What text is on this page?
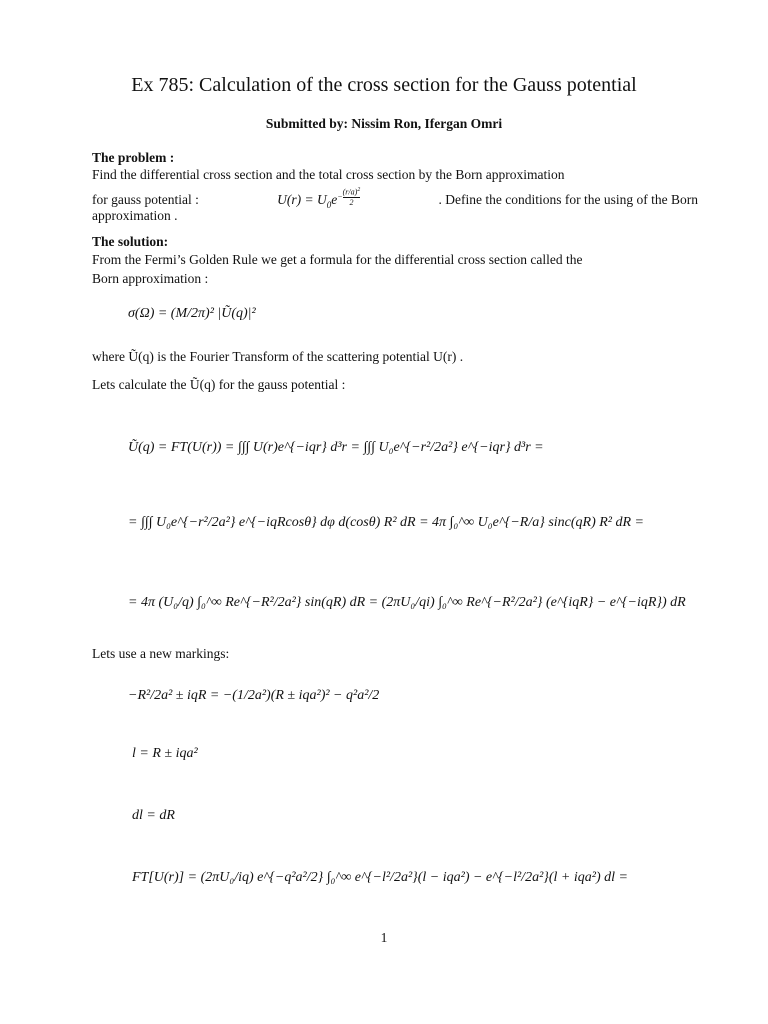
Ex 785: Calculation of the cross section for the Gauss potential
Submitted by: Nissim Ron, Ifergan Omri
The problem :
Find the differential cross section and the total cross section by the Born approximation
for gauss potential :	$U(r) = U_0e^{- \frac{(r/a)^2}{2}}$	. Define the conditions for the using of the Born
approximation .
The solution:
From the Fermi’s Golden Rule we get a formula for the differential cross section called the
Born approximation :
σ(Ω) = (M/2π)² |Ũ(q)|²
where Ũ(q) is the Fourier Transform of the scattering potential U(r) .
Lets calculate the Ũ(q) for the gauss potential :
Ũ(q) = FT(U(r)) = ∫∫∫ U(r)e^{−iqr} d³r = ∫∫∫ U₀e^{−r²/2a²} e^{−iqr} d³r =
= ∫∫∫ U₀e^{−r²/2a²} e^{−iqRcosθ} dφ d(cosθ) R² dR = 4π ∫₀^∞ U₀e^{−R/a} sinc(qR) R² dR =
= 4π (U₀/q) ∫₀^∞ Re^{−R²/2a²} sin(qR) dR = (2πU₀/qi) ∫₀^∞ Re^{−R²/2a²} (e^{iqR} − e^{−iqR}) dR
Lets use a new markings:
−R²/2a² ± iqR = −(1/2a²)(R ± iqa²)² − q²a²/2
l = R ± iqa²
dl = dR
FT[U(r)] = (2πU₀/iq) e^{−q²a²/2} ∫₀^∞ e^{−l²/2a²}(l − iqa²) − e^{−l²/2a²}(l + iqa²) dl =
1
